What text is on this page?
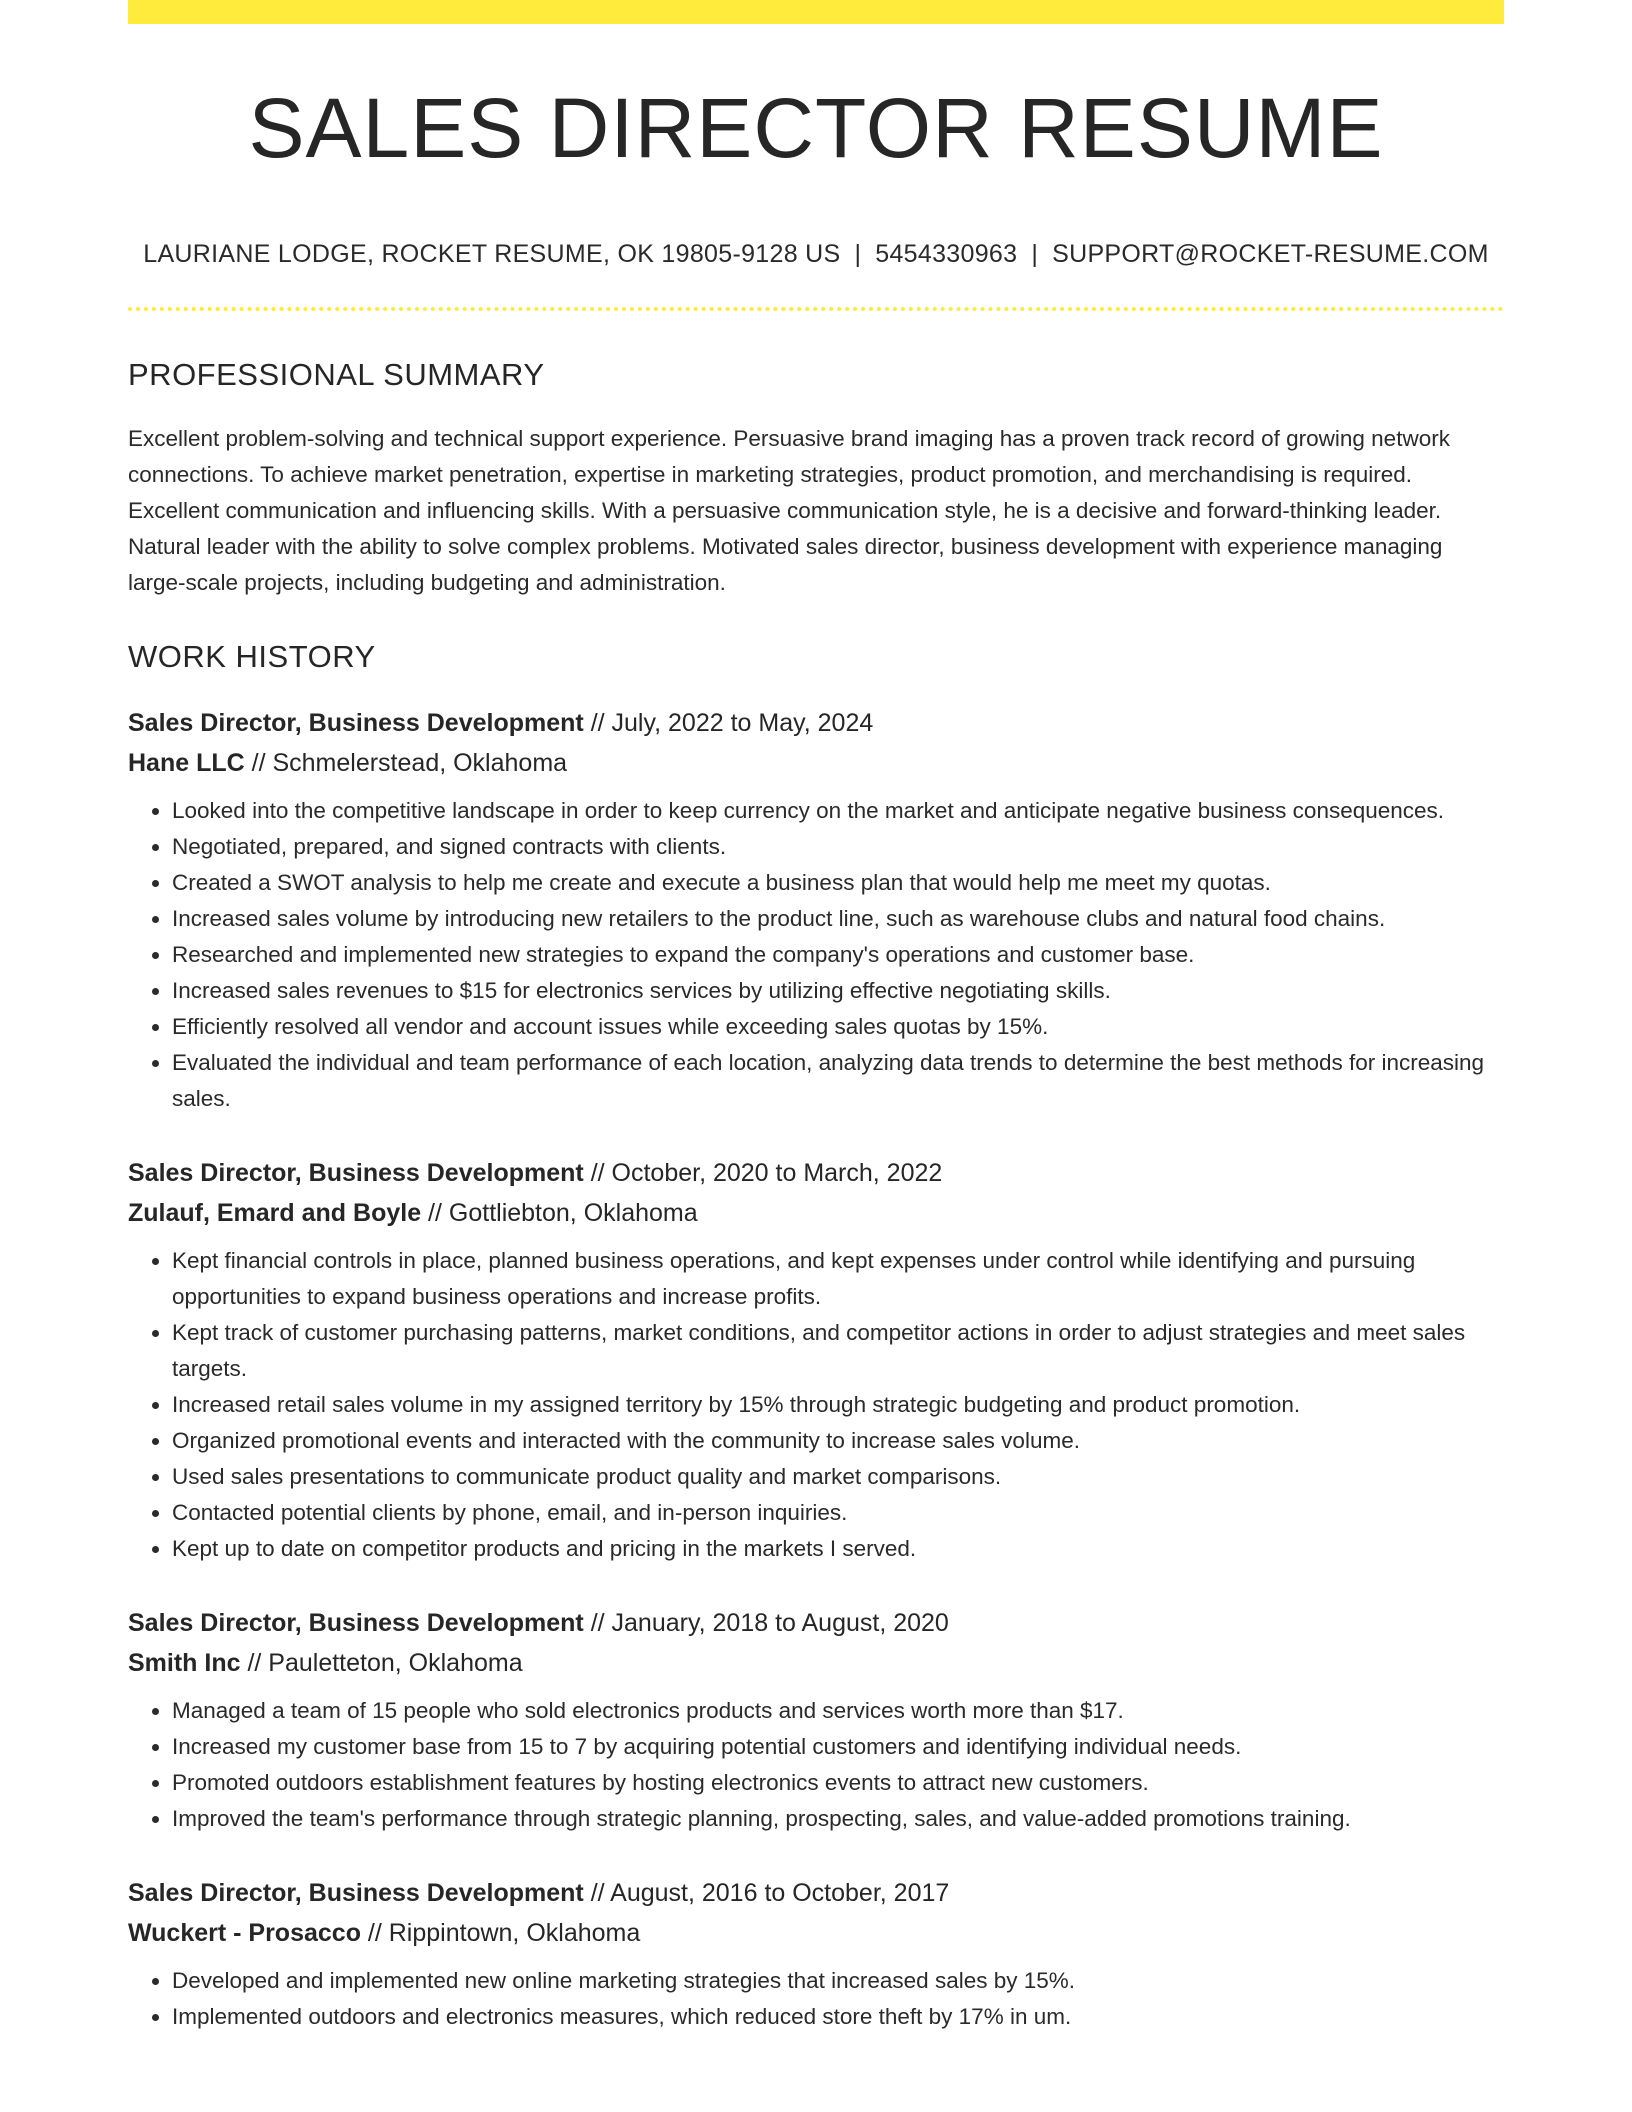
SALES DIRECTOR RESUME
LAURIANE LODGE, ROCKET RESUME, OK 19805-9128 US | 5454330963 | SUPPORT@ROCKET-RESUME.COM
PROFESSIONAL SUMMARY

Excellent problem-solving and technical support experience. Persuasive brand imaging has a proven track record of growing network connections. To achieve market penetration, expertise in marketing strategies, product promotion, and merchandising is required. Excellent communication and influencing skills. With a persuasive communication style, he is a decisive and forward-thinking leader. Natural leader with the ability to solve complex problems. Motivated sales director, business development with experience managing large-scale projects, including budgeting and administration.

WORK HISTORY
Sales Director, Business Development // July, 2022 to May, 2024
Hane LLC // Schmelerstead, Oklahoma
• Looked into the competitive landscape in order to keep currency on the market and anticipate negative business consequences.
• Negotiated, prepared, and signed contracts with clients.
• Created a SWOT analysis to help me create and execute a business plan that would help me meet my quotas.
• Increased sales volume by introducing new retailers to the product line, such as warehouse clubs and natural food chains.
• Researched and implemented new strategies to expand the company's operations and customer base.
• Increased sales revenues to $15 for electronics services by utilizing effective negotiating skills.
• Efficiently resolved all vendor and account issues while exceeding sales quotas by 15%.
• Evaluated the individual and team performance of each location, analyzing data trends to determine the best methods for increasing sales.
Sales Director, Business Development // October, 2020 to March, 2022
Zulauf, Emard and Boyle // Gottliebton, Oklahoma
• Kept financial controls in place, planned business operations, and kept expenses under control while identifying and pursuing opportunities to expand business operations and increase profits.
• Kept track of customer purchasing patterns, market conditions, and competitor actions in order to adjust strategies and meet sales targets.
• Increased retail sales volume in my assigned territory by 15% through strategic budgeting and product promotion.
• Organized promotional events and interacted with the community to increase sales volume.
• Used sales presentations to communicate product quality and market comparisons.
• Contacted potential clients by phone, email, and in-person inquiries.
• Kept up to date on competitor products and pricing in the markets I served.
Sales Director, Business Development // January, 2018 to August, 2020
Smith Inc // Pauletteton, Oklahoma
• Managed a team of 15 people who sold electronics products and services worth more than $17.
• Increased my customer base from 15 to 7 by acquiring potential customers and identifying individual needs.
• Promoted outdoors establishment features by hosting electronics events to attract new customers.
• Improved the team's performance through strategic planning, prospecting, sales, and value-added promotions training.
Sales Director, Business Development // August, 2016 to October, 2017
Wuckert - Prosacco // Rippintown, Oklahoma
• Developed and implemented new online marketing strategies that increased sales by 15%.
• Implemented outdoors and electronics measures, which reduced store theft by 17% in um.
